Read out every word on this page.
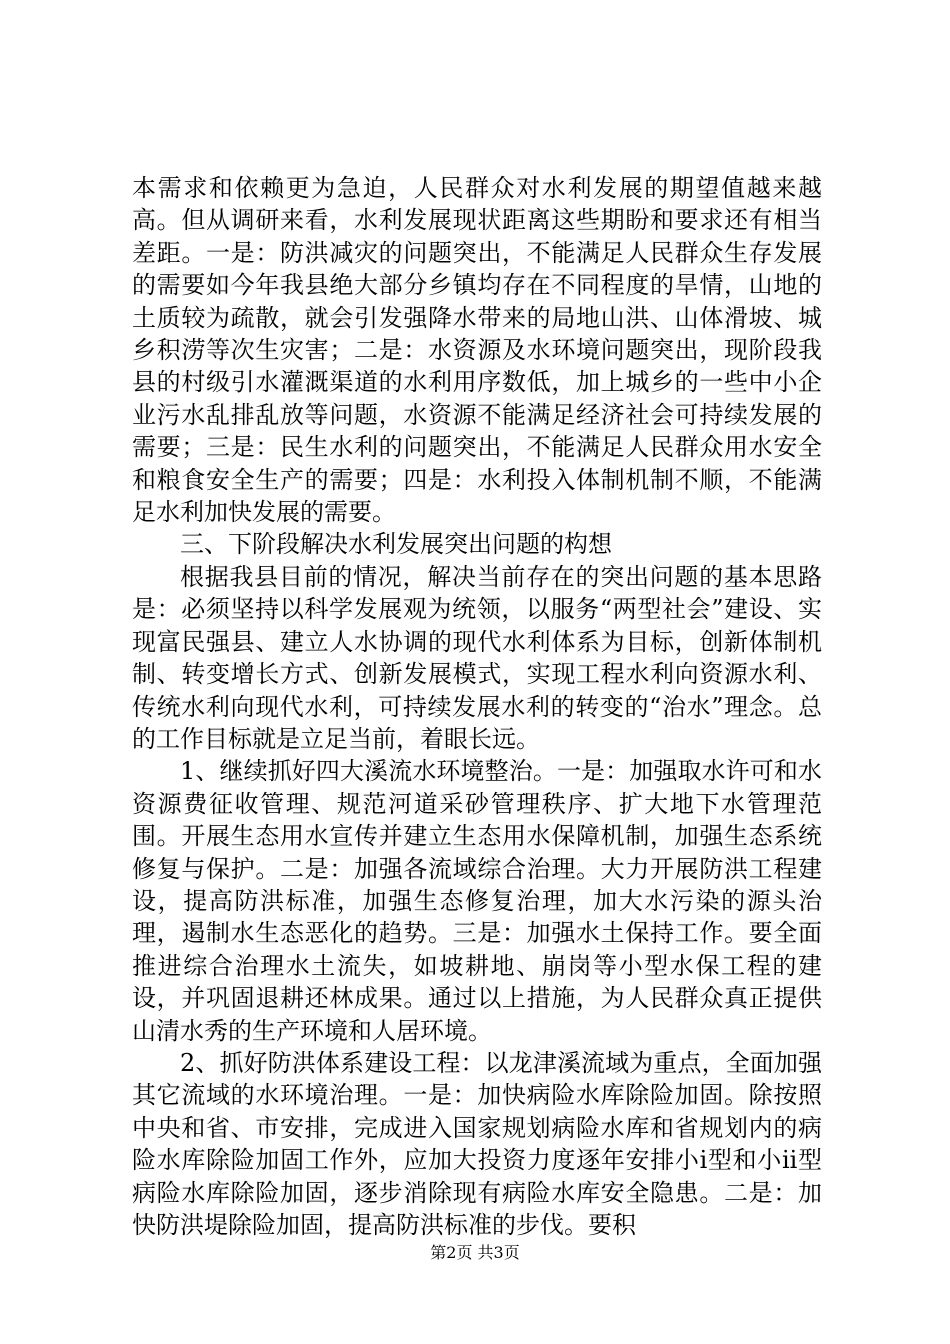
本需求和依赖更为急迫，人民群众对水利发展的期望值越来越高。但从调研来看，水利发展现状距离这些期盼和要求还有相当差距。一是：防洪减灾的问题突出，不能满足人民群众生存发展的需要如今年我县绝大部分乡镇均存在不同程度的旱情，山地的土质较为疏散，就会引发强降水带来的局地山洪、山体滑坡、城乡积涝等次生灾害；二是：水资源及水环境问题突出，现阶段我县的村级引水灌溉渠道的水利用序数低，加上城乡的一些中小企业污水乱排乱放等问题，水资源不能满足经济社会可持续发展的需要；三是：民生水利的问题突出，不能满足人民群众用水安全和粮食安全生产的需要；四是：水利投入体制机制不顺，不能满足水利加快发展的需要。

三、下阶段解决水利发展突出问题的构想

根据我县目前的情况，解决当前存在的突出问题的基本思路是：必须坚持以科学发展观为统领，以服务“两型社会”建设、实现富民强县、建立人水协调的现代水利体系为目标，创新体制机制、转变增长方式、创新发展模式，实现工程水利向资源水利、传统水利向现代水利，可持续发展水利的转变的“治水”理念。总的工作目标就是立足当前，着眼长远。

1、继续抓好四大溪流水环境整治。一是：加强取水许可和水资源费征收管理、规范河道采砂管理秩序、扩大地下水管理范围。开展生态用水宣传并建立生态用水保障机制，加强生态系统修复与保护。二是：加强各流域综合治理。大力开展防洪工程建设，提高防洪标准，加强生态修复治理，加大水污染的源头治理，遏制水生态恶化的趋势。三是：加强水土保持工作。要全面推进综合治理水土流失，如坡耕地、崩岗等小型水保工程的建设，并巩固退耕还林成果。通过以上措施，为人民群众真正提供山清水秀的生产环境和人居环境。

2、抓好防洪体系建设工程：以龙津溪流域为重点，全面加强其它流域的水环境治理。一是：加快病险水库除险加固。除按照中央和省、市安排，完成进入国家规划病险水库和省规划内的病险水库除险加固工作外，应加大投资力度逐年安排小i型和小ii型病险水库除险加固，逐步消除现有病险水库安全隐患。二是：加快防洪堤除险加固，提高防洪标准的步伐。要积

第2页 共3页
